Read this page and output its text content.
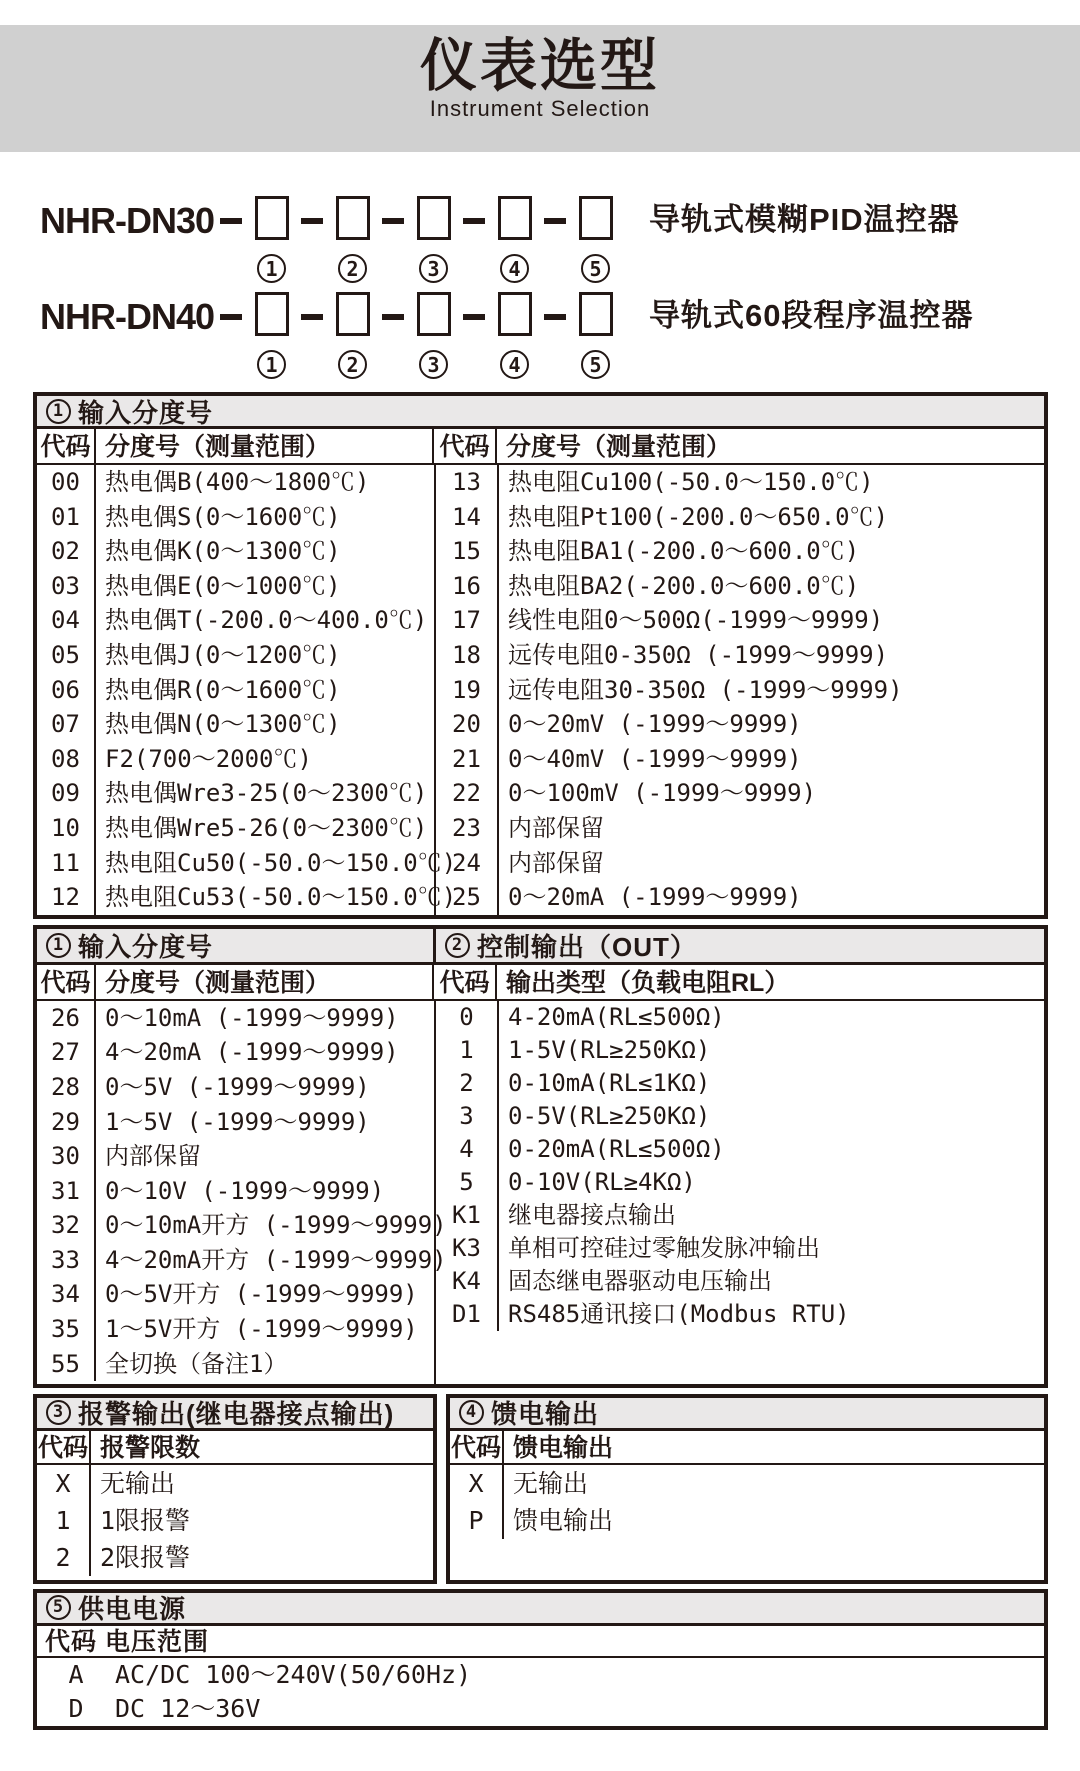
仪表选型
Instrument Selection
NHR-DN30
1	2	3	4	5
导轨式模糊PID温控器
NHR-DN40
1	2	3	4	5
导轨式60段程序温控器
1 输入分度号
代码 分度号（测量范围）	代码 分度号（测量范围）
00	热电偶B(400～1800℃)
01	热电偶S(0～1600℃)
02	热电偶K(0～1300℃)
03	热电偶E(0～1000℃)
04	热电偶T(-200.0～400.0℃)
05	热电偶J(0～1200℃)
06	热电偶R(0～1600℃)
07	热电偶N(0～1300℃)
08	F2(700～2000℃)
09	热电偶Wre3-25(0～2300℃)
10	热电偶Wre5-26(0～2300℃)
11	热电阻Cu50(-50.0～150.0℃)
12	热电阻Cu53(-50.0～150.0℃)
13	热电阻Cu100(-50.0～150.0℃)
14	热电阻Pt100(-200.0～650.0℃)
15	热电阻BA1(-200.0～600.0℃)
16	热电阻BA2(-200.0～600.0℃)
17	线性电阻0～500Ω(-1999～9999)
18	远传电阻0-350Ω (-1999～9999)
19	远传电阻30-350Ω (-1999～9999)
20	0～20mV (-1999～9999)
21	0～40mV (-1999～9999)
22	0～100mV (-1999～9999)
23	内部保留
24	内部保留
25	0～20mA (-1999～9999)
1 输入分度号	2 控制输出（OUT）
代码 分度号（测量范围）	代码 输出类型（负载电阻RL）
26	0～10mA (-1999～9999)
27	4～20mA (-1999～9999)
28	0～5V (-1999～9999)
29	1～5V (-1999～9999)
30	内部保留
31	0～10V (-1999～9999)
32	0～10mA开方 (-1999～9999)
33	4～20mA开方 (-1999～9999)
34	0～5V开方 (-1999～9999)
35	1～5V开方 (-1999～9999)
55	全切换（备注1）
0	4-20mA(RL≤500Ω)
1	1-5V(RL≥250KΩ)
2	0-10mA(RL≤1KΩ)
3	0-5V(RL≥250KΩ)
4	0-20mA(RL≤500Ω)
5	0-10V(RL≥4KΩ)
K1	继电器接点输出
K3	单相可控硅过零触发脉冲输出
K4	固态继电器驱动电压输出
D1	RS485通讯接口(Modbus RTU)
3 报警输出(继电器接点输出)
代码 报警限数
X	无输出
1	1限报警
2	2限报警
4 馈电输出
代码 馈电输出
X	无输出
P	馈电输出
5 供电电源
代码 电压范围
A	AC/DC 100～240V(50/60Hz)
D	DC 12～36V
